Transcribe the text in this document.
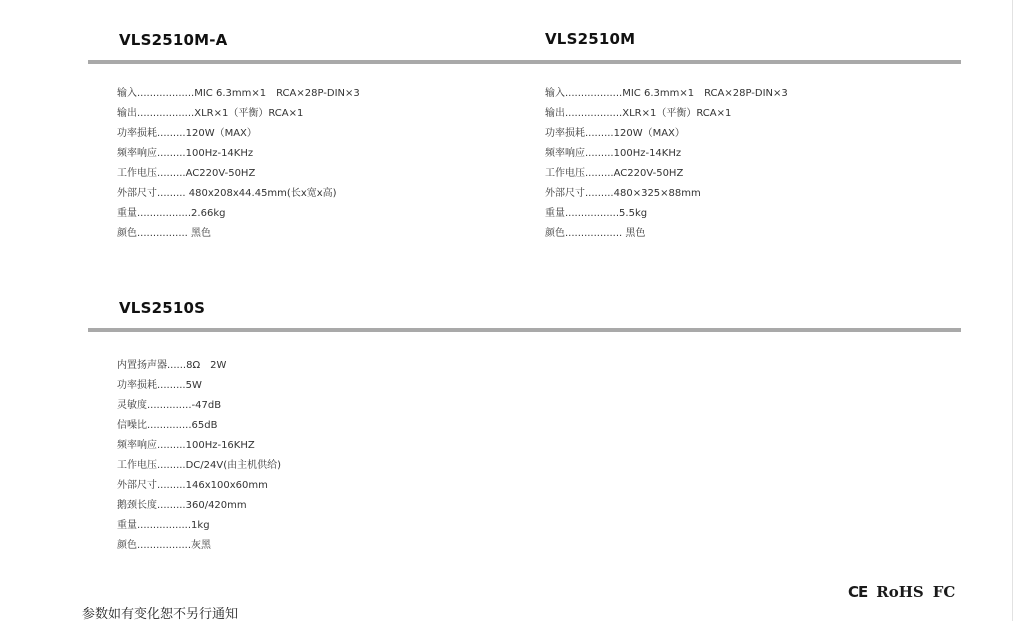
VLS2510M-A	VLS2510M
输入..................MIC 6.3mm×1　RCA×28P-DIN×3
输出..................XLR×1（平衡）RCA×1
功率损耗.........120W（MAX）
频率响应.........100Hz-14KHz
工作电压.........AC220V-50HZ
外部尺寸......... 480x208x44.45mm(长x宽x高)
重量.................2.66kg
颜色................ 黑色
输入..................MIC 6.3mm×1　RCA×28P-DIN×3
输出..................XLR×1（平衡）RCA×1
功率损耗.........120W（MAX）
频率响应.........100Hz-14KHz
工作电压.........AC220V-50HZ
外部尺寸.........480×325×88mm
重量.................5.5kg
颜色.................. 黑色
VLS2510S
内置扬声器......8Ω　2W
功率损耗.........5W
灵敏度..............-47dB
信噪比..............65dB
频率响应.........100Hz-16KHZ
工作电压.........DC/24V(由主机供给)
外部尺寸.........146x100x60mm
鹅颈长度.........360/420mm
重量.................1kg
颜色.................灰黑
CE RoHS FC
参数如有变化恕不另行通知
